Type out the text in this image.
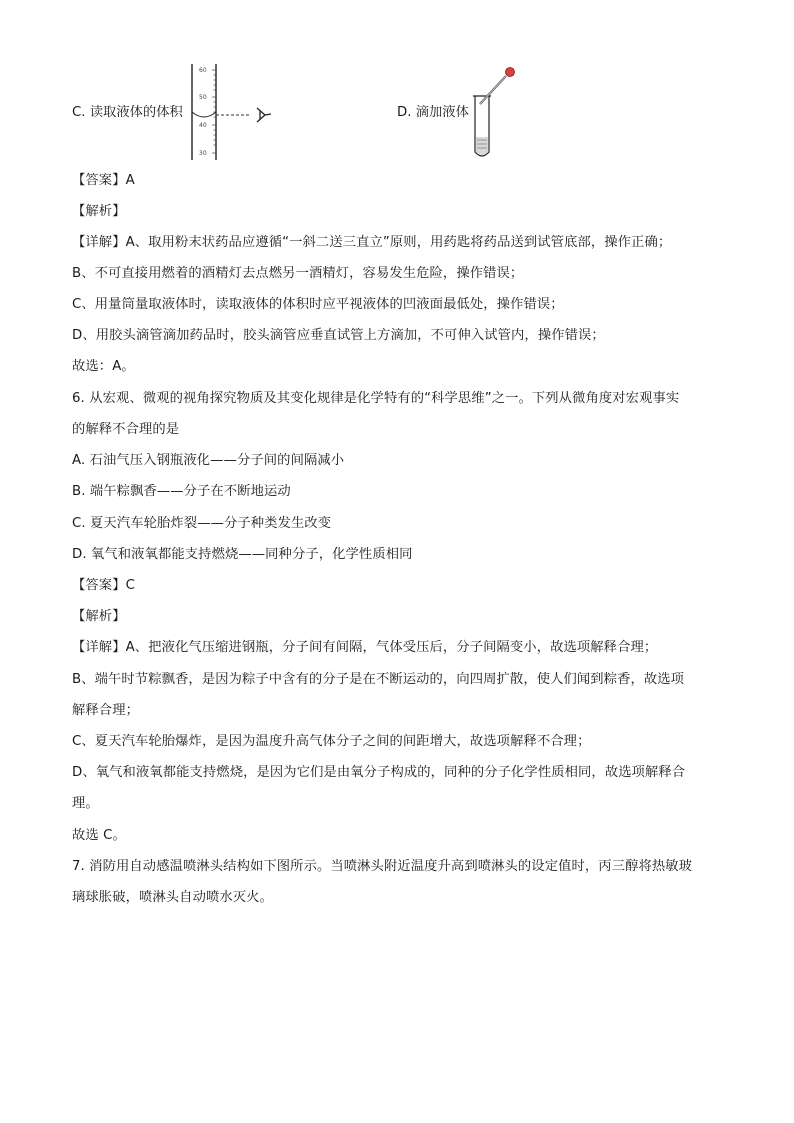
C. 读取液体的体积
60
50
40
30
D. 滴加液体
【答案】A
【解析】
【详解】A、取用粉末状药品应遵循“一斜二送三直立”原则，用药匙将药品送到试管底部，操作正确；
B、不可直接用燃着的酒精灯去点燃另一酒精灯，容易发生危险，操作错误；
C、用量筒量取液体时，读取液体的体积时应平视液体的凹液面最低处，操作错误；
D、用胶头滴管滴加药品时，胶头滴管应垂直试管上方滴加，不可伸入试管内，操作错误；
故选：A。
6. 从宏观、微观的视角探究物质及其变化规律是化学特有的“科学思维”之一。下列从微角度对宏观事实
的解释不合理的是
A. 石油气压入钢瓶液化——分子间的间隔减小
B. 端午粽飘香——分子在不断地运动
C. 夏天汽车轮胎炸裂——分子种类发生改变
D. 氧气和液氧都能支持燃烧——同种分子，化学性质相同
【答案】C
【解析】
【详解】A、把液化气压缩进钢瓶，分子间有间隔，气体受压后，分子间隔变小，故选项解释合理；
B、端午时节粽飘香，是因为粽子中含有的分子是在不断运动的，向四周扩散，使人们闻到粽香，故选项
解释合理；
C、夏天汽车轮胎爆炸，是因为温度升高气体分子之间的间距增大，故选项解释不合理；
D、氧气和液氧都能支持燃烧，是因为它们是由氧分子构成的，同种的分子化学性质相同，故选项解释合
理。
故选 C。
7. 消防用自动感温喷淋头结构如下图所示。当喷淋头附近温度升高到喷淋头的设定值时，丙三醇将热敏玻
璃球胀破，喷淋头自动喷水灭火。
